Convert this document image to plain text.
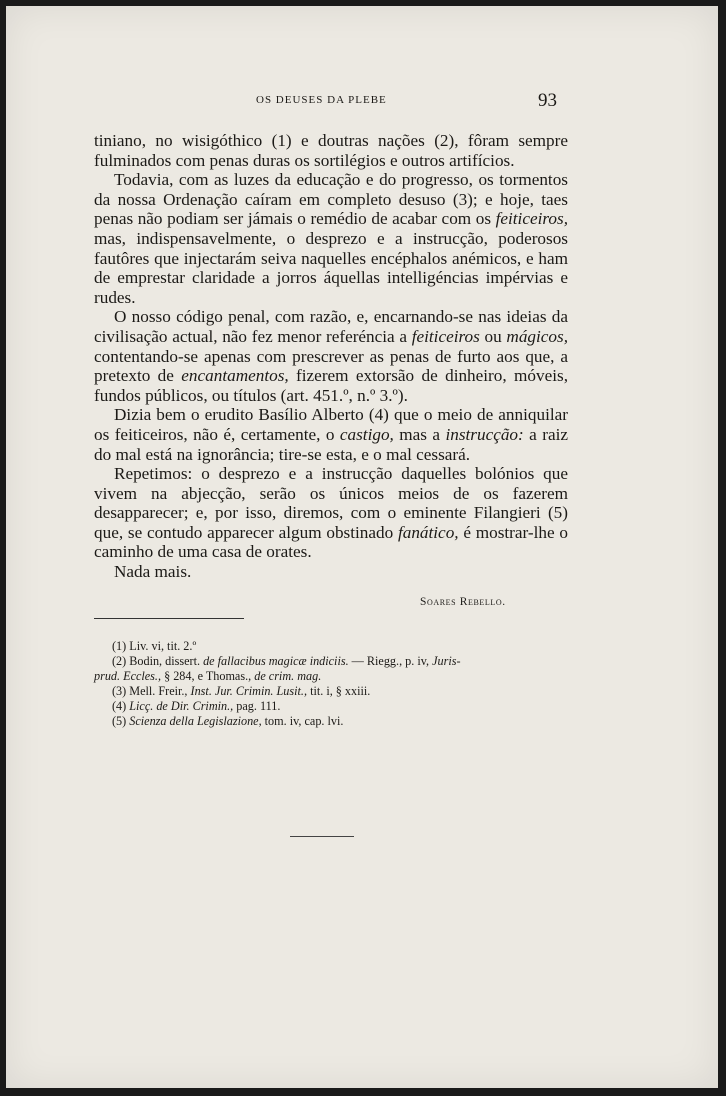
OS DEUSES DA PLEBE	93

tiniano, no wisigóthico (1) e doutras nações (2), fôram sempre fulminados com penas duras os sortilégios e outros artifícios.

Todavia, com as luzes da educação e do progresso, os tormentos da nossa Ordenação caíram em completo desuso (3); e hoje, taes penas não podiam ser jámais o remédio de acabar com os feiticeiros, mas, indispensavelmente, o desprezo e a instrucção, poderosos fautôres que injectarám seiva naquelles encéphalos anémicos, e ham de emprestar claridade a jorros áquellas intelligéncias impérvias e rudes.

O nosso código penal, com razão, e, encarnando-se nas ideias da civilisação actual, não fez menor referéncia a feiticeiros ou mágicos, contentando-se apenas com prescrever as penas de furto aos que, a pretexto de encantamentos, fizerem extorsão de dinheiro, móveis, fundos públicos, ou títulos (art. 451.º, n.º 3.º).

Dizia bem o erudito Basílio Alberto (4) que o meio de anniquilar os feiticeiros, não é, certamente, o castigo, mas a instrucção: a raiz do mal está na ignorância; tire-se esta, e o mal cessará.

Repetimos: o desprezo e a instrucção daquelles bolónios que vivem na abjecção, serão os únicos meios de os fazerem desapparecer; e, por isso, diremos, com o eminente Filangieri (5) que, se contudo apparecer algum obstinado fanático, é mostrar-lhe o caminho de uma casa de orates.

Nada mais.

Soares Rebello.

(1) Liv. vi, tit. 2.º

(2) Bodin, dissert. de fallacibus magicæ indiciis. — Riegg., p. iv, Juris-

prud. Eccles., § 284, e Thomas., de crim. mag.

(3) Mell. Freir., Inst. Jur. Crimin. Lusit., tit. i, § xxiii.

(4) Licç. de Dir. Crimin., pag. 111.

(5) Scienza della Legislazione, tom. iv, cap. lvi.
